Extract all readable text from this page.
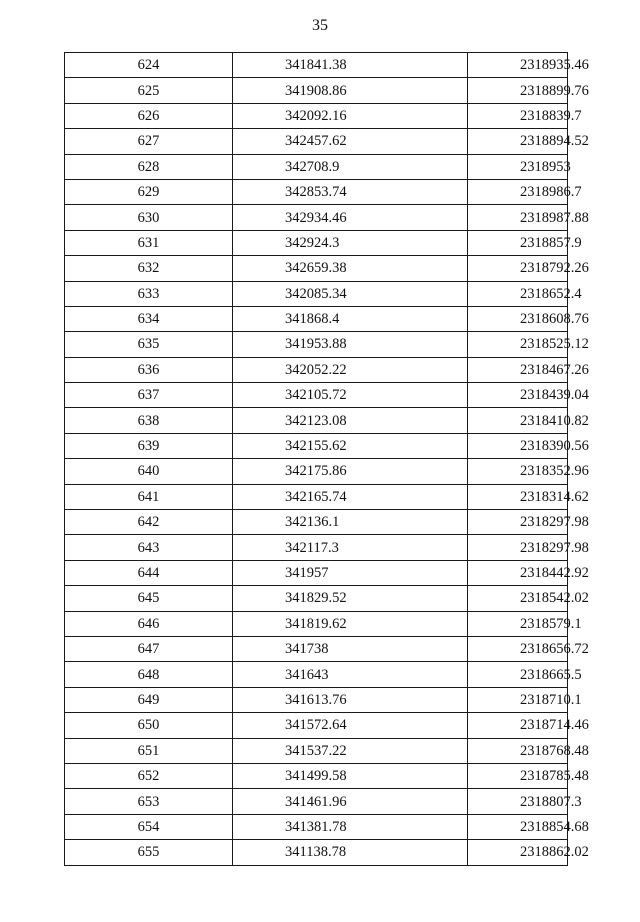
35
624	341841.38	2318935.46
625	341908.86	2318899.76
626	342092.16	2318839.7
627	342457.62	2318894.52
628	342708.9	2318953
629	342853.74	2318986.7
630	342934.46	2318987.88
631	342924.3	2318857.9
632	342659.38	2318792.26
633	342085.34	2318652.4
634	341868.4	2318608.76
635	341953.88	2318525.12
636	342052.22	2318467.26
637	342105.72	2318439.04
638	342123.08	2318410.82
639	342155.62	2318390.56
640	342175.86	2318352.96
641	342165.74	2318314.62
642	342136.1	2318297.98
643	342117.3	2318297.98
644	341957	2318442.92
645	341829.52	2318542.02
646	341819.62	2318579.1
647	341738	2318656.72
648	341643	2318665.5
649	341613.76	2318710.1
650	341572.64	2318714.46
651	341537.22	2318768.48
652	341499.58	2318785.48
653	341461.96	2318807.3
654	341381.78	2318854.68
655	341138.78	2318862.02
